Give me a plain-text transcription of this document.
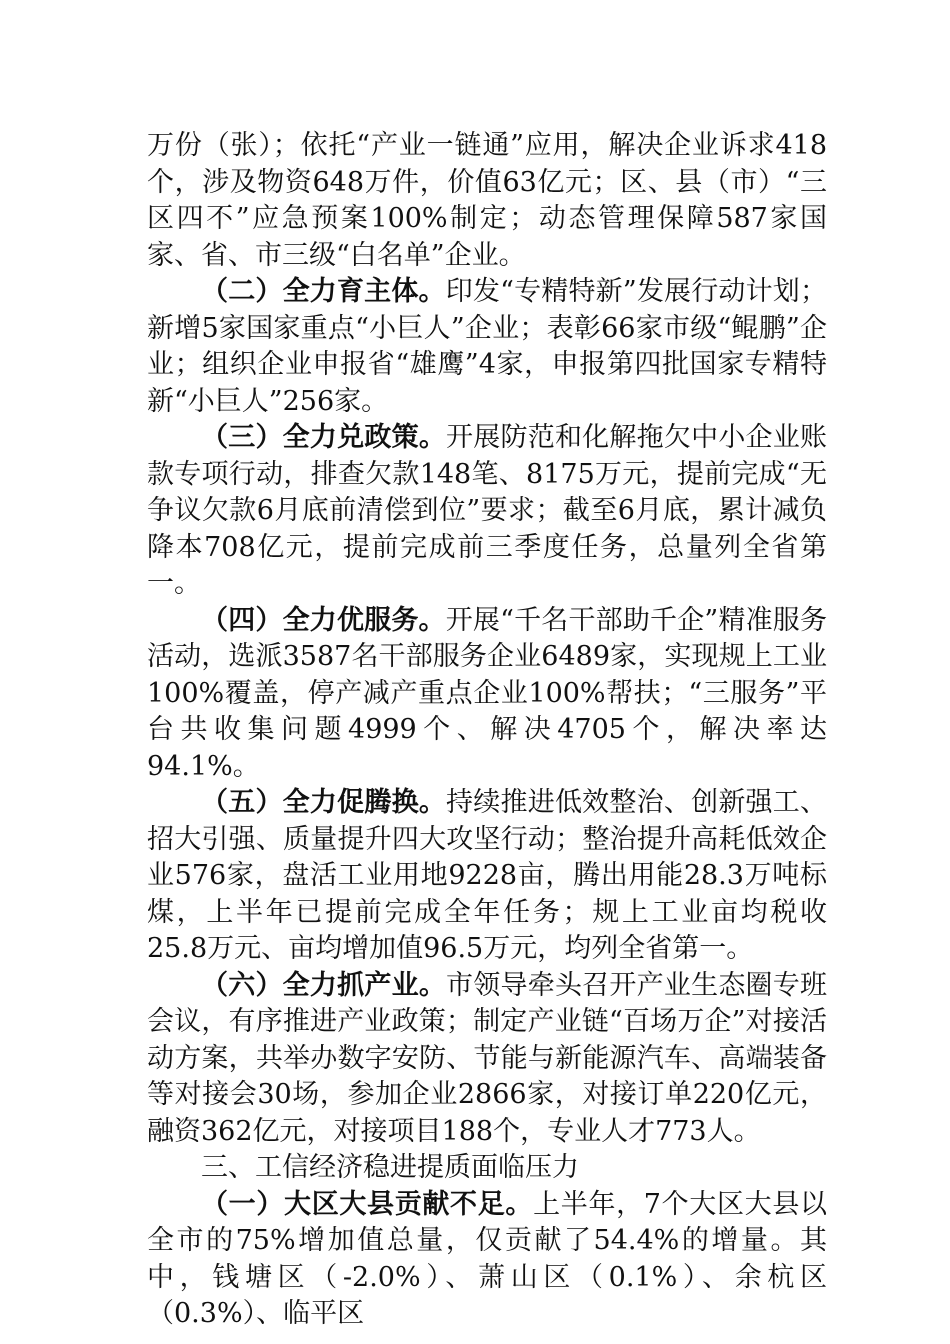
万份（张）；依托“产业一链通”应用，解决企业诉求418个，涉及物资648万件，价值63亿元；区、县（市）“三区四不”应急预案100%制定；动态管理保障587家国家、省、市三级“白名单”企业。

（二）全力育主体。印发“专精特新”发展行动计划；新增5家国家重点“小巨人”企业；表彰66家市级“鲲鹏”企业；组织企业申报省“雄鹰”4家，申报第四批国家专精特新“小巨人”256家。

（三）全力兑政策。开展防范和化解拖欠中小企业账款专项行动，排查欠款148笔、8175万元，提前完成“无争议欠款6月底前清偿到位”要求；截至6月底，累计减负降本708亿元，提前完成前三季度任务，总量列全省第一。

（四）全力优服务。开展“千名干部助千企”精准服务活动，选派3587名干部服务企业6489家，实现规上工业100%覆盖，停产减产重点企业100%帮扶；“三服务”平台共收集问题4999个、解决4705个，解决率达94.1%。

（五）全力促腾换。持续推进低效整治、创新强工、招大引强、质量提升四大攻坚行动；整治提升高耗低效企业576家，盘活工业用地9228亩，腾出用能28.3万吨标煤，上半年已提前完成全年任务；规上工业亩均税收25.8万元、亩均增加值96.5万元，均列全省第一。

（六）全力抓产业。市领导牵头召开产业生态圈专班会议，有序推进产业政策；制定产业链“百场万企”对接活动方案，共举办数字安防、节能与新能源汽车、高端装备等对接会30场，参加企业2866家，对接订单220亿元，融资362亿元，对接项目188个，专业人才773人。

三、工信经济稳进提质面临压力

（一）大区大县贡献不足。上半年，7个大区大县以全市的75%增加值总量，仅贡献了54.4%的增量。其中，钱塘区（-2.0%）、萧山区（0.1%）、余杭区（0.3%）、临平区
